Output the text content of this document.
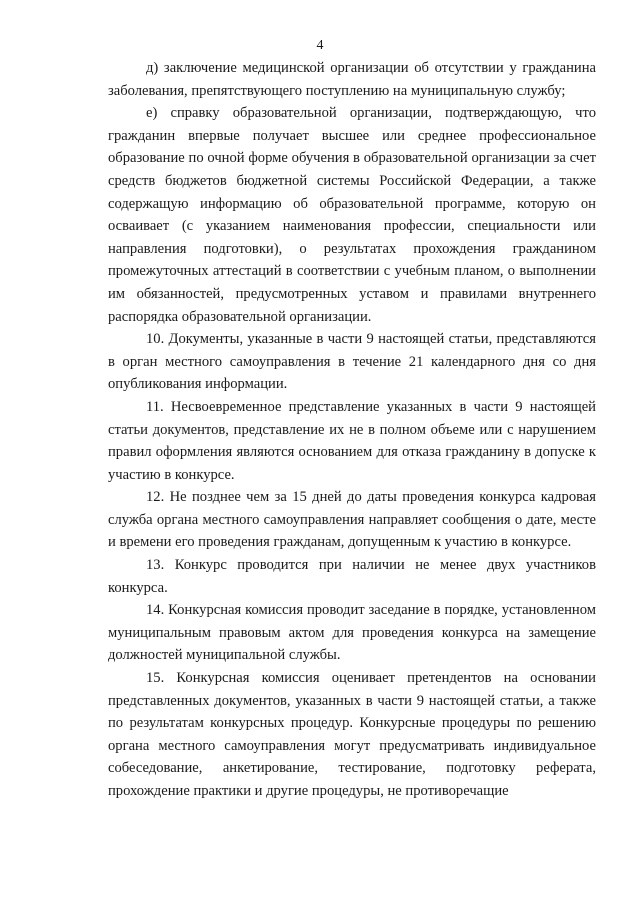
4

д) заключение медицинской организации об отсутствии у гражданина заболевания, препятствующего поступлению на муниципальную службу;

е) справку образовательной организации, подтверждающую, что гражданин впервые получает высшее или среднее профессиональное образование по очной форме обучения в образовательной организации за счет средств бюджетов бюджетной системы Российской Федерации, а также содержащую информацию об образовательной программе, которую он осваивает (с указанием наименования профессии, специальности или направления подготовки), о результатах прохождения гражданином промежуточных аттестаций в соответствии с учебным планом, о выполнении им обязанностей, предусмотренных уставом и правилами внутреннего распорядка образовательной организации.

10. Документы, указанные в части 9 настоящей статьи, представляются в орган местного самоуправления в течение 21 календарного дня со дня опубликования информации.

11. Несвоевременное представление указанных в части 9 настоящей статьи документов, представление их не в полном объеме или с нарушением правил оформления являются основанием для отказа гражданину в допуске к участию в конкурсе.

12. Не позднее чем за 15 дней до даты проведения конкурса кадровая служба органа местного самоуправления направляет сообщения о дате, месте и времени его проведения гражданам, допущенным к участию в конкурсе.

13. Конкурс проводится при наличии не менее двух участников конкурса.

14. Конкурсная комиссия проводит заседание в порядке, установленном муниципальным правовым актом для проведения конкурса на замещение должностей муниципальной службы.

15. Конкурсная комиссия оценивает претендентов на основании представленных документов, указанных в части 9 настоящей статьи, а также по результатам конкурсных процедур. Конкурсные процедуры по решению органа местного самоуправления могут предусматривать индивидуальное собеседование, анкетирование, тестирование, подготовку реферата, прохождение практики и другие процедуры, не противоречащие
